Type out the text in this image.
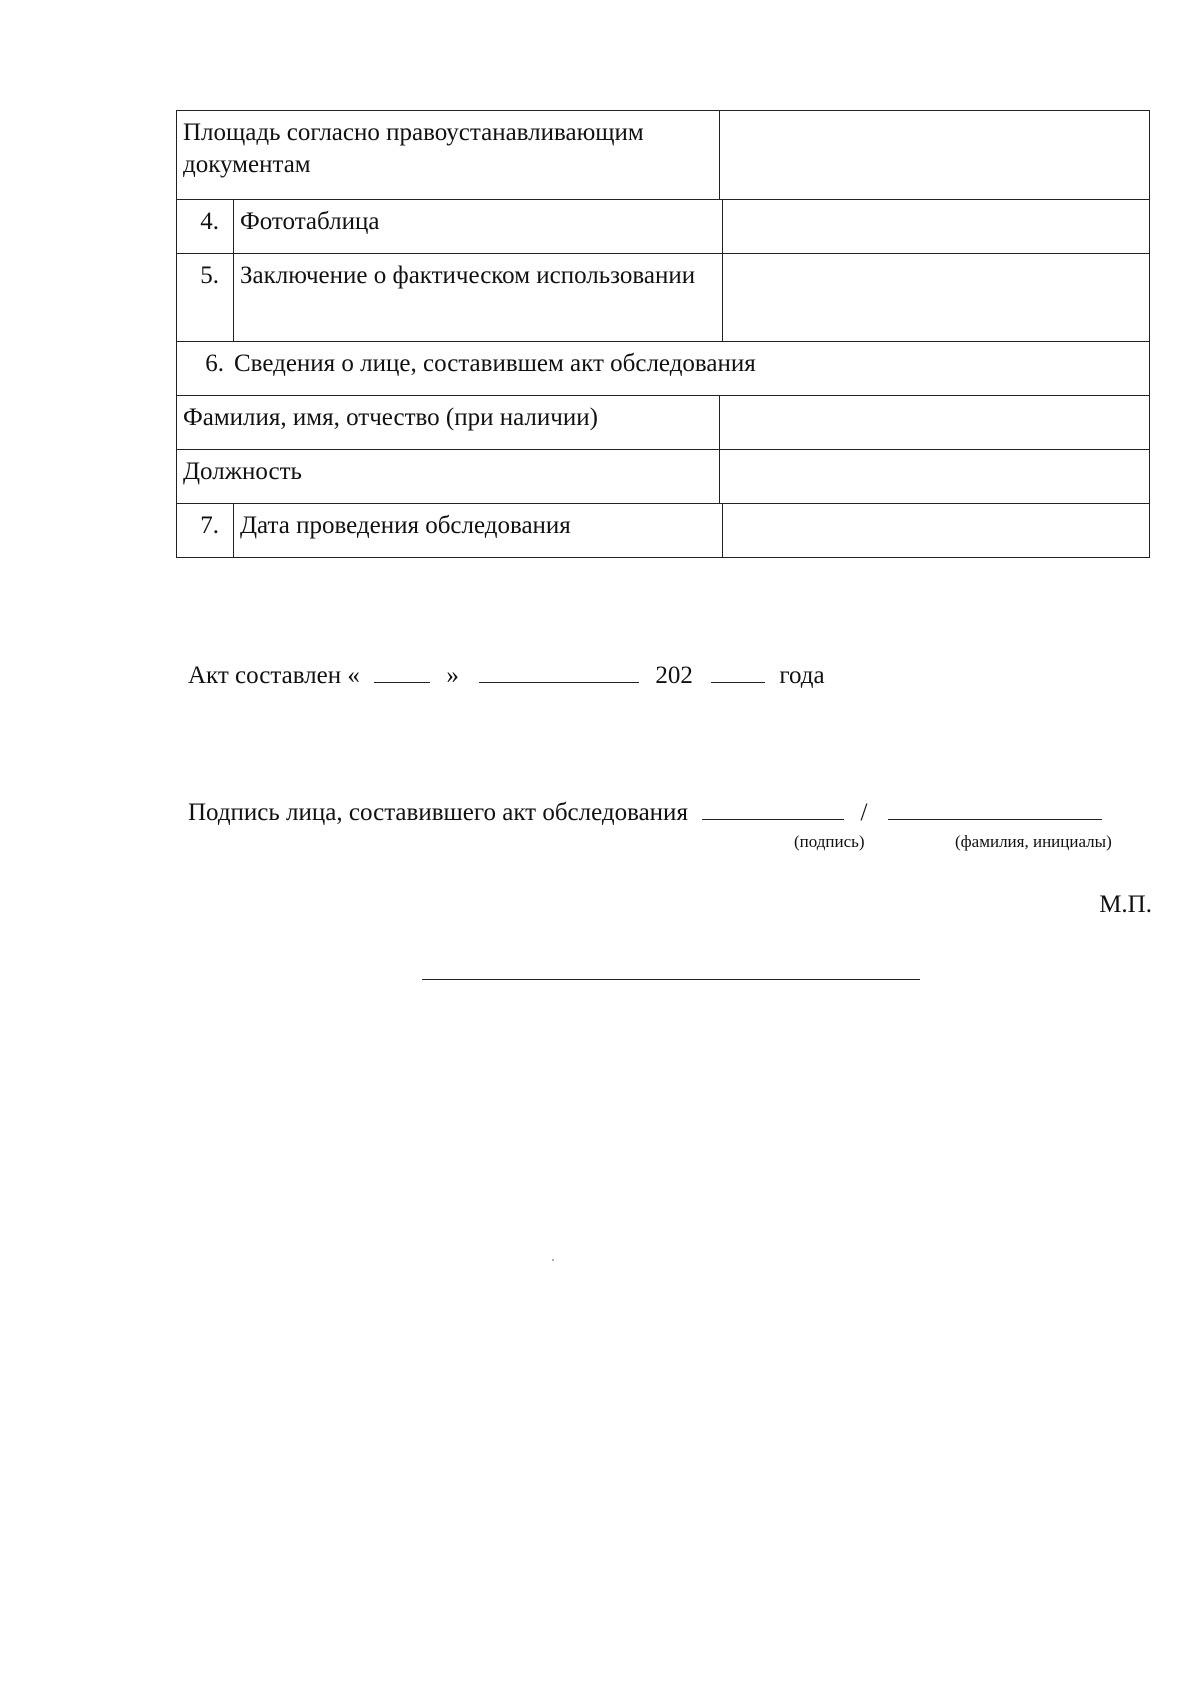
Площадь согласно правоустанавливающим документам
4. Фототаблица
5. Заключение о фактическом использовании
6. Сведения о лице, составившем акт обследования
Фамилия, имя, отчество (при наличии)
Должность
7. Дата проведения обследования
Акт составлен «	»	202	года
Подпись лица, составившего акт обследования	/
(подпись)	(фамилия, инициалы)
М.П.
